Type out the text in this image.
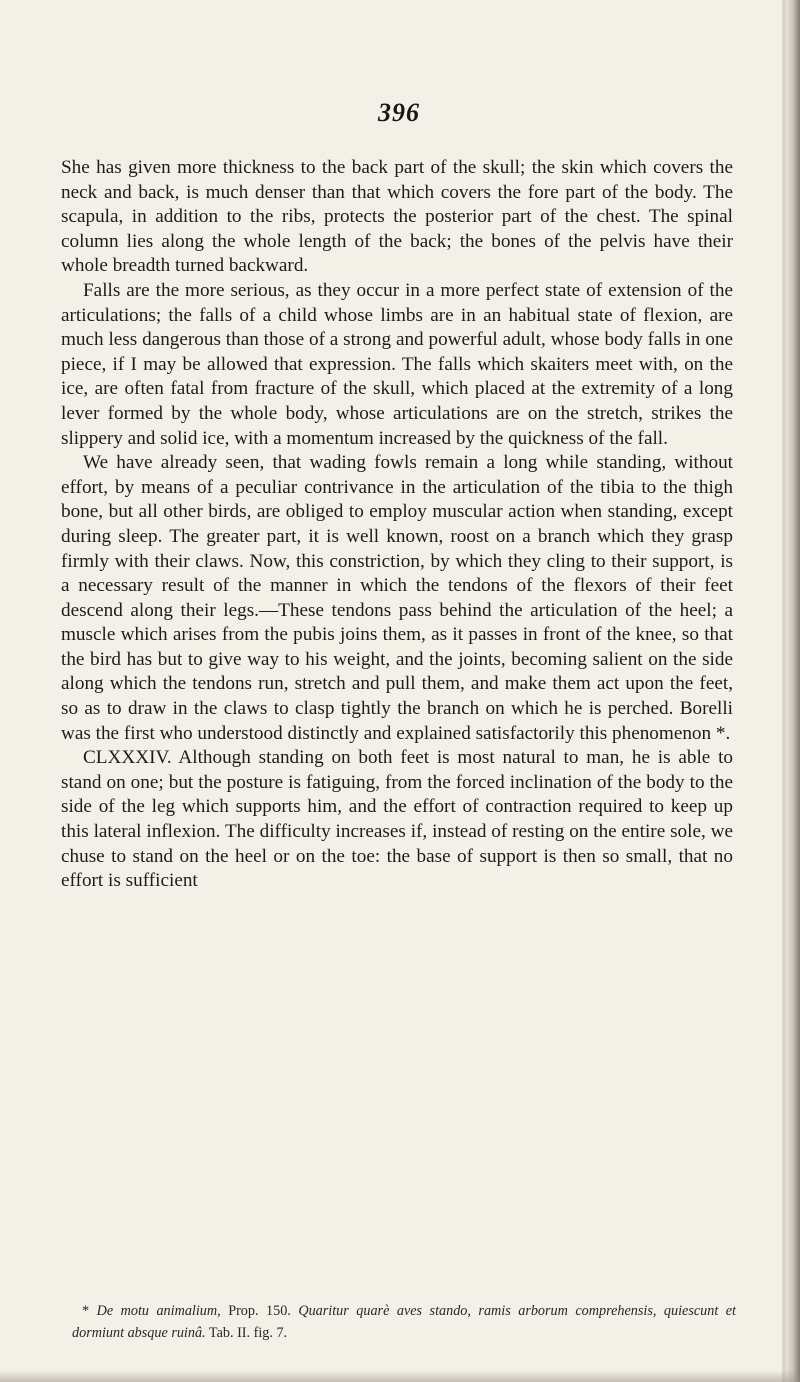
396

She has given more thickness to the back part of the skull; the skin which covers the neck and back, is much denser than that which covers the fore part of the body. The scapula, in addition to the ribs, protects the posterior part of the chest. The spinal column lies along the whole length of the back; the bones of the pelvis have their whole breadth turned backward.

Falls are the more serious, as they occur in a more perfect state of extension of the articulations; the falls of a child whose limbs are in an habitual state of flexion, are much less dangerous than those of a strong and powerful adult, whose body falls in one piece, if I may be allowed that expression. The falls which skaiters meet with, on the ice, are often fatal from fracture of the skull, which placed at the extremity of a long lever formed by the whole body, whose articulations are on the stretch, strikes the slippery and solid ice, with a momentum increased by the quickness of the fall.

We have already seen, that wading fowls remain a long while standing, without effort, by means of a peculiar contrivance in the articulation of the tibia to the thigh bone, but all other birds, are obliged to employ muscular action when standing, except during sleep. The greater part, it is well known, roost on a branch which they grasp firmly with their claws. Now, this constriction, by which they cling to their support, is a necessary result of the manner in which the tendons of the flexors of their feet descend along their legs.—These tendons pass behind the articulation of the heel; a muscle which arises from the pubis joins them, as it passes in front of the knee, so that the bird has but to give way to his weight, and the joints, becoming salient on the side along which the tendons run, stretch and pull them, and make them act upon the feet, so as to draw in the claws to clasp tightly the branch on which he is perched. Borelli was the first who understood distinctly and explained satisfactorily this phenomenon *.

CLXXXIV. Although standing on both feet is most natural to man, he is able to stand on one; but the posture is fatiguing, from the forced inclination of the body to the side of the leg which supports him, and the effort of contraction required to keep up this lateral inflexion. The difficulty increases if, instead of resting on the entire sole, we chuse to stand on the heel or on the toe: the base of support is then so small, that no effort is sufficient

* De motu animalium, Prop. 150. Quaritur quarè aves stando, ramis arborum comprehensis, quiescunt et dormiunt absque ruinâ. Tab. II. fig. 7.
